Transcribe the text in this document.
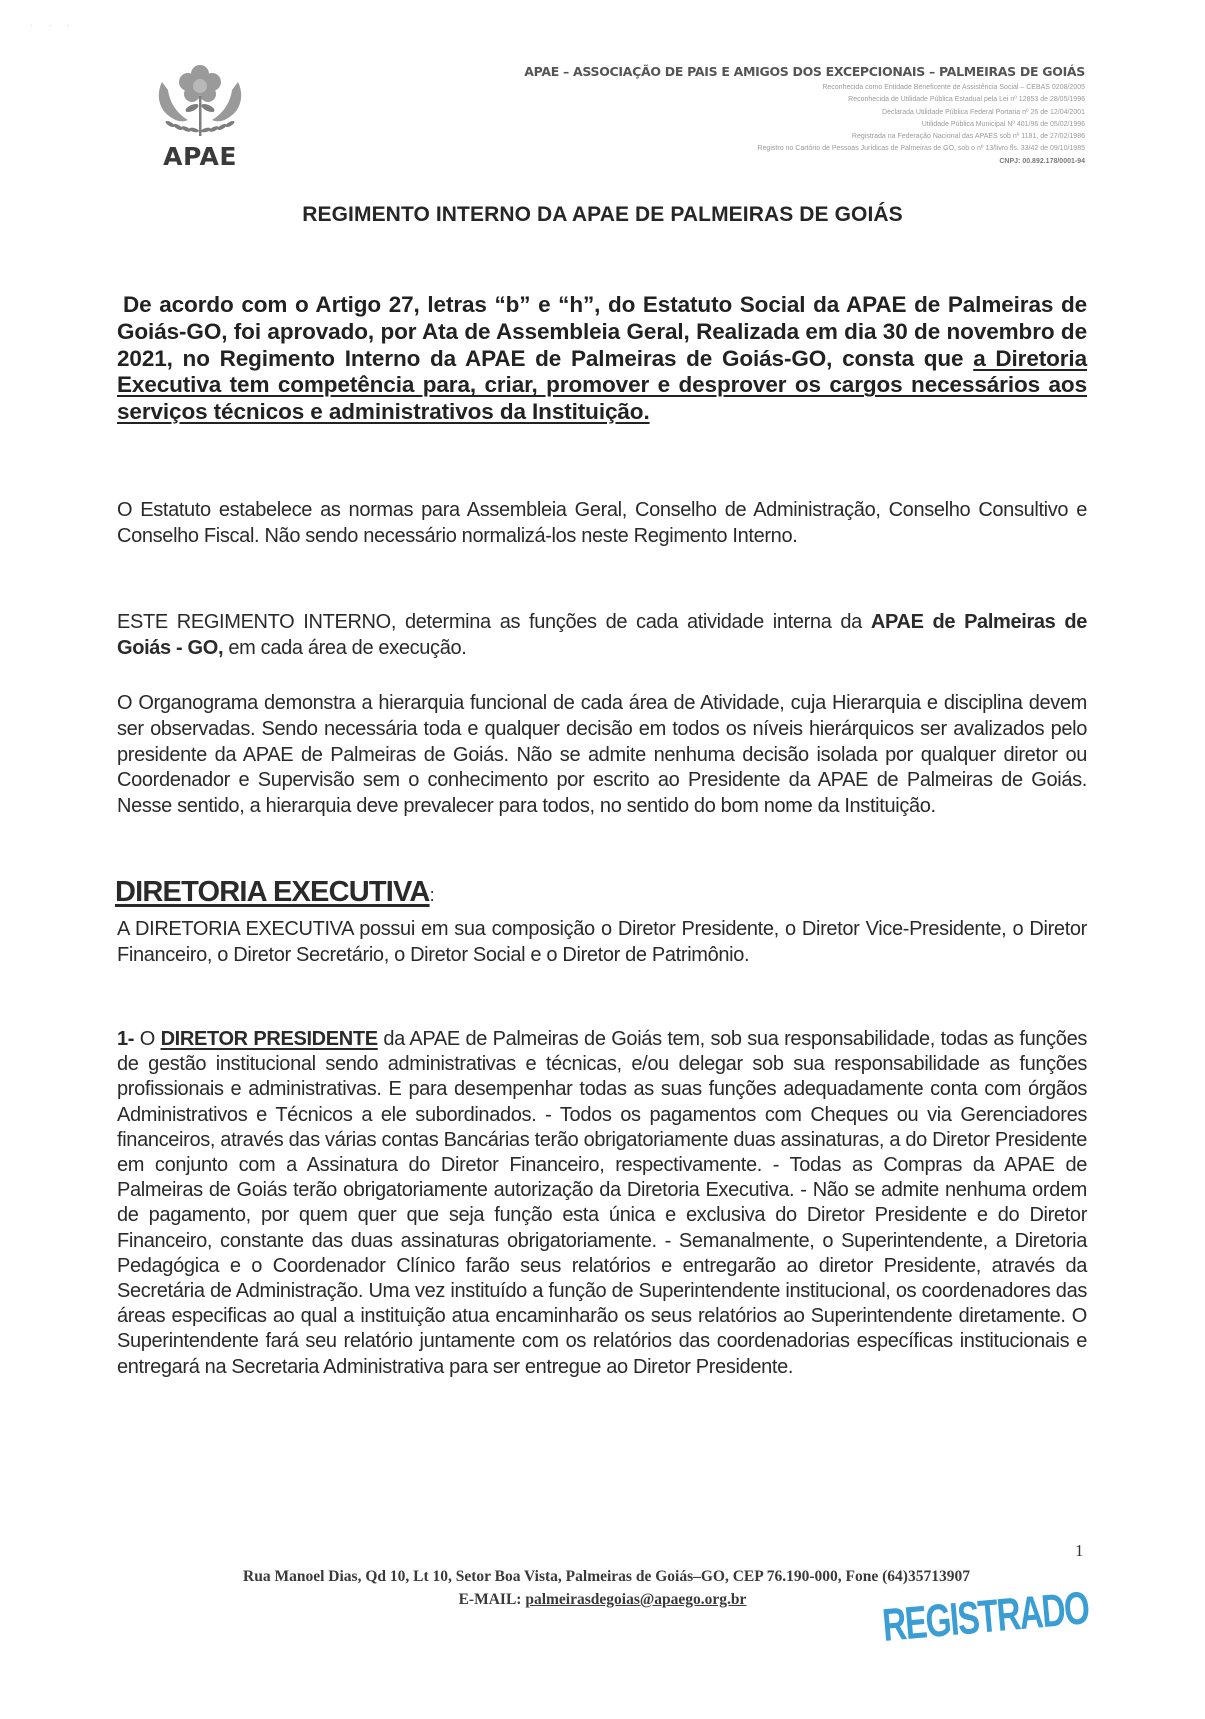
· · ·
APAE
APAE – ASSOCIAÇÃO DE PAIS E AMIGOS DOS EXCEPCIONAIS – PALMEIRAS DE GOIÁS
Reconhecida como Entidade Beneficente de Assistência Social – CEBAS 0208/2005
Reconhecida de Utilidade Pública Estadual pela Lei nº 12853 de 28/05/1996
Declarada Utilidade Pública Federal Portaria nº 26 de 12/04/2001
Utilidade Pública Municipal Nº 401/96 de 05/02/1996
Registrada na Federação Nacional das APAES sob nº 1181, de 27/02/1986
Registro no Cartório de Pessoas Jurídicas de Palmeiras de GO, sob o nº 13/livro fls. 33/42 de 09/10/1985
CNPJ: 00.892.178/0001-94
REGIMENTO INTERNO DA APAE DE PALMEIRAS DE GOIÁS
De acordo com o Artigo 27, letras “b” e “h”, do Estatuto Social da APAE de Palmeiras de Goiás-GO, foi aprovado, por Ata de Assembleia Geral, Realizada em dia 30 de novembro de 2021, no Regimento Interno da APAE de Palmeiras de Goiás-GO, consta que a Diretoria Executiva tem competência para, criar, promover e desprover os cargos necessários aos serviços técnicos e administrativos da Instituição.
O Estatuto estabelece as normas para Assembleia Geral, Conselho de Administração, Conselho Consultivo e Conselho Fiscal. Não sendo necessário normalizá-los neste Regimento Interno.
ESTE REGIMENTO INTERNO, determina as funções de cada atividade interna da APAE de Palmeiras de Goiás - GO, em cada área de execução.
O Organograma demonstra a hierarquia funcional de cada área de Atividade, cuja Hierarquia e disciplina devem ser observadas. Sendo necessária toda e qualquer decisão em todos os níveis hierárquicos ser avalizados pelo presidente da APAE de Palmeiras de Goiás. Não se admite nenhuma decisão isolada por qualquer diretor ou Coordenador e Supervisão sem o conhecimento por escrito ao Presidente da APAE de Palmeiras de Goiás. Nesse sentido, a hierarquia deve prevalecer para todos, no sentido do bom nome da Instituição.
DIRETORIA EXECUTIVA:
A DIRETORIA EXECUTIVA possui em sua composição o Diretor Presidente, o Diretor Vice-Presidente, o Diretor Financeiro, o Diretor Secretário, o Diretor Social e o Diretor de Patrimônio.
1- O DIRETOR PRESIDENTE da APAE de Palmeiras de Goiás tem, sob sua responsabilidade, todas as funções de gestão institucional sendo administrativas e técnicas, e/ou delegar sob sua responsabilidade as funções profissionais e administrativas. E para desempenhar todas as suas funções adequadamente conta com órgãos Administrativos e Técnicos a ele subordinados. - Todos os pagamentos com Cheques ou via Gerenciadores financeiros, através das várias contas Bancárias terão obrigatoriamente duas assinaturas, a do Diretor Presidente em conjunto com a Assinatura do Diretor Financeiro, respectivamente. - Todas as Compras da APAE de Palmeiras de Goiás terão obrigatoriamente autorização da Diretoria Executiva. - Não se admite nenhuma ordem de pagamento, por quem quer que seja função esta única e exclusiva do Diretor Presidente e do Diretor Financeiro, constante das duas assinaturas obrigatoriamente. - Semanalmente, o Superintendente, a Diretoria Pedagógica e o Coordenador Clínico farão seus relatórios e entregarão ao diretor Presidente, através da Secretária de Administração. Uma vez instituído a função de Superintendente institucional, os coordenadores das áreas especificas ao qual a instituição atua encaminharão os seus relatórios ao Superintendente diretamente. O Superintendente fará seu relatório juntamente com os relatórios das coordenadorias específicas institucionais e entregará na Secretaria Administrativa para ser entregue ao Diretor Presidente.
1
Rua Manoel Dias, Qd 10, Lt 10, Setor Boa Vista, Palmeiras de Goiás–GO, CEP 76.190-000, Fone (64)35713907
E-MAIL: palmeirasdegoias@apaego.org.br	REGISTRADO
